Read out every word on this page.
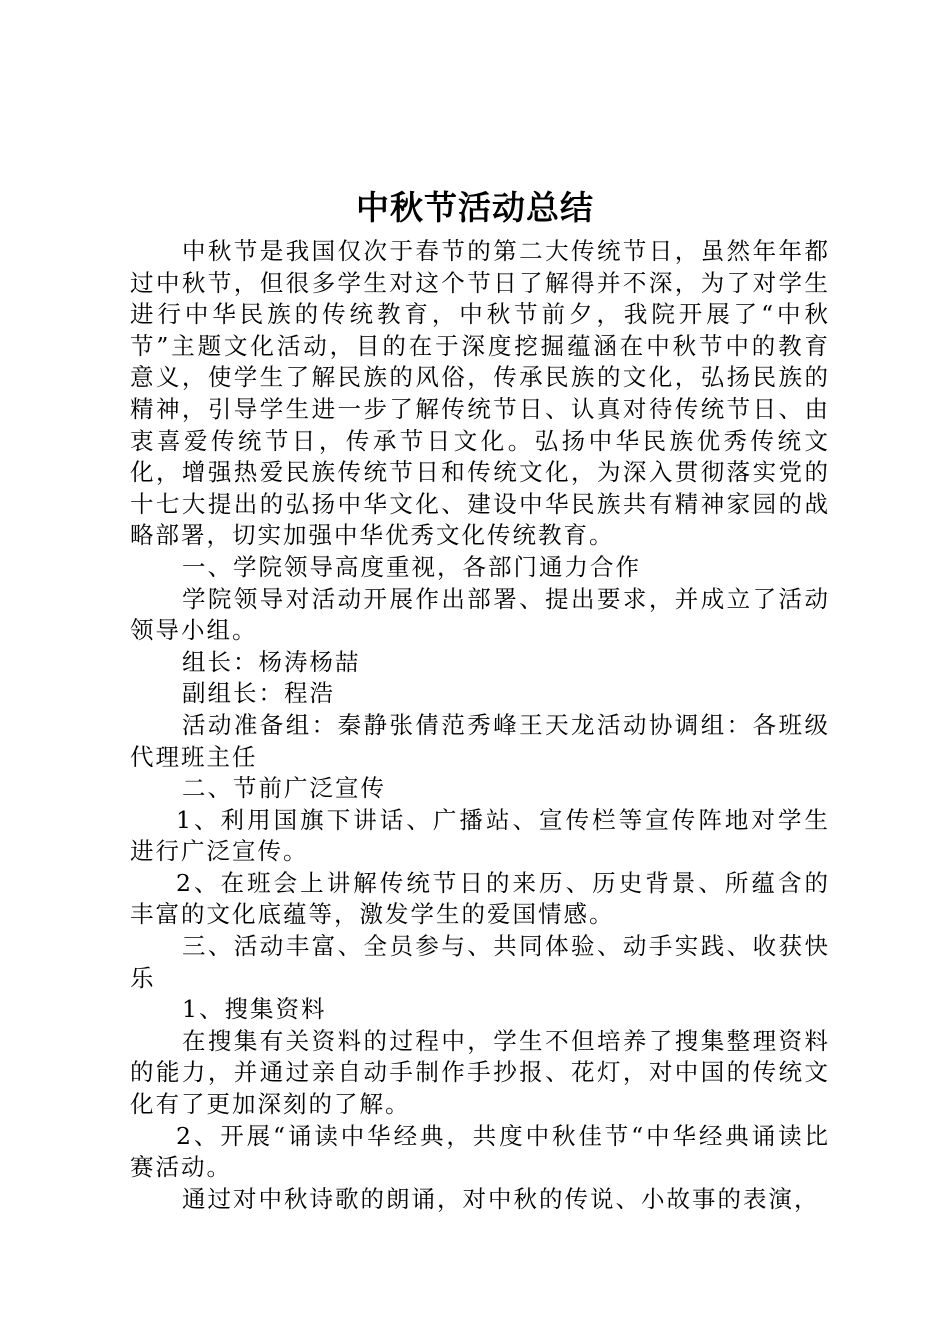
中秋节活动总结

中秋节是我国仅次于春节的第二大传统节日，虽然年年都过中秋节，但很多学生对这个节日了解得并不深，为了对学生进行中华民族的传统教育，中秋节前夕，我院开展了“中秋节”主题文化活动，目的在于深度挖掘蕴涵在中秋节中的教育意义，使学生了解民族的风俗，传承民族的文化，弘扬民族的精神，引导学生进一步了解传统节日、认真对待传统节日、由衷喜爱传统节日，传承节日文化。弘扬中华民族优秀传统文化，增强热爱民族传统节日和传统文化，为深入贯彻落实党的十七大提出的弘扬中华文化、建设中华民族共有精神家园的战略部署，切实加强中华优秀文化传统教育。

一、学院领导高度重视，各部门通力合作

学院领导对活动开展作出部署、提出要求，并成立了活动领导小组。

组长：杨涛杨喆

副组长：程浩

活动准备组：秦静张倩范秀峰王天龙活动协调组：各班级代理班主任

二、节前广泛宣传

1、利用国旗下讲话、广播站、宣传栏等宣传阵地对学生进行广泛宣传。

2、在班会上讲解传统节日的来历、历史背景、所蕴含的丰富的文化底蕴等，激发学生的爱国情感。

三、活动丰富、全员参与、共同体验、动手实践、收获快乐

1、搜集资料

在搜集有关资料的过程中，学生不但培养了搜集整理资料的能力，并通过亲自动手制作手抄报、花灯，对中国的传统文化有了更加深刻的了解。

2、开展“诵读中华经典，共度中秋佳节“中华经典诵读比赛活动。

通过对中秋诗歌的朗诵，对中秋的传说、小故事的表演，
